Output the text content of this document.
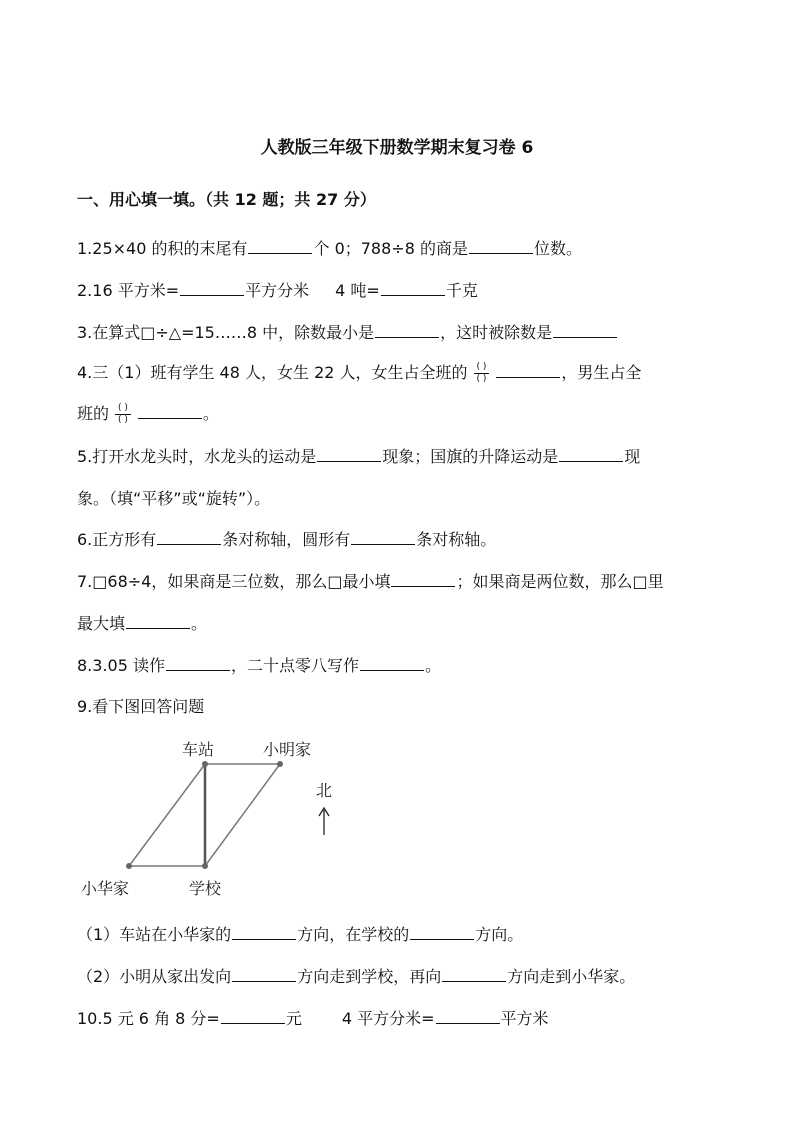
人教版三年级下册数学期末复习卷 6
一、用心填一填。（共 12 题；共 27 分）
1.25×40 的积的末尾有	个 0；788÷8 的商是	位数。
2.16 平方米=	平方分米 4 吨=	千克
3.在算式□÷△=15……8 中，除数最小是	，这时被除数是
4.三（1）班有学生 48 人，女生 22 人，女生占全班的 $\frac{( )}{( )}$	，男生占全
班的 $\frac{( )}{( )}$	。
5.打开水龙头时，水龙头的运动是	现象；国旗的升降运动是	现
象。（填“平移”或“旋转”）。
6.正方形有	条对称轴，圆形有	条对称轴。
7.□68÷4，如果商是三位数，那么□最小填	；如果商是两位数，那么□里
最大填	。
8.3.05 读作	，二十点零八写作	。
9.看下图回答问题
车站	小明家
小华家	学校
北
（1）车站在小华家的	方向，在学校的	方向。
（2）小明从家出发向	方向走到学校，再向	方向走到小华家。
10.5 元 6 角 8 分=	元	4 平方分米=	平方米
